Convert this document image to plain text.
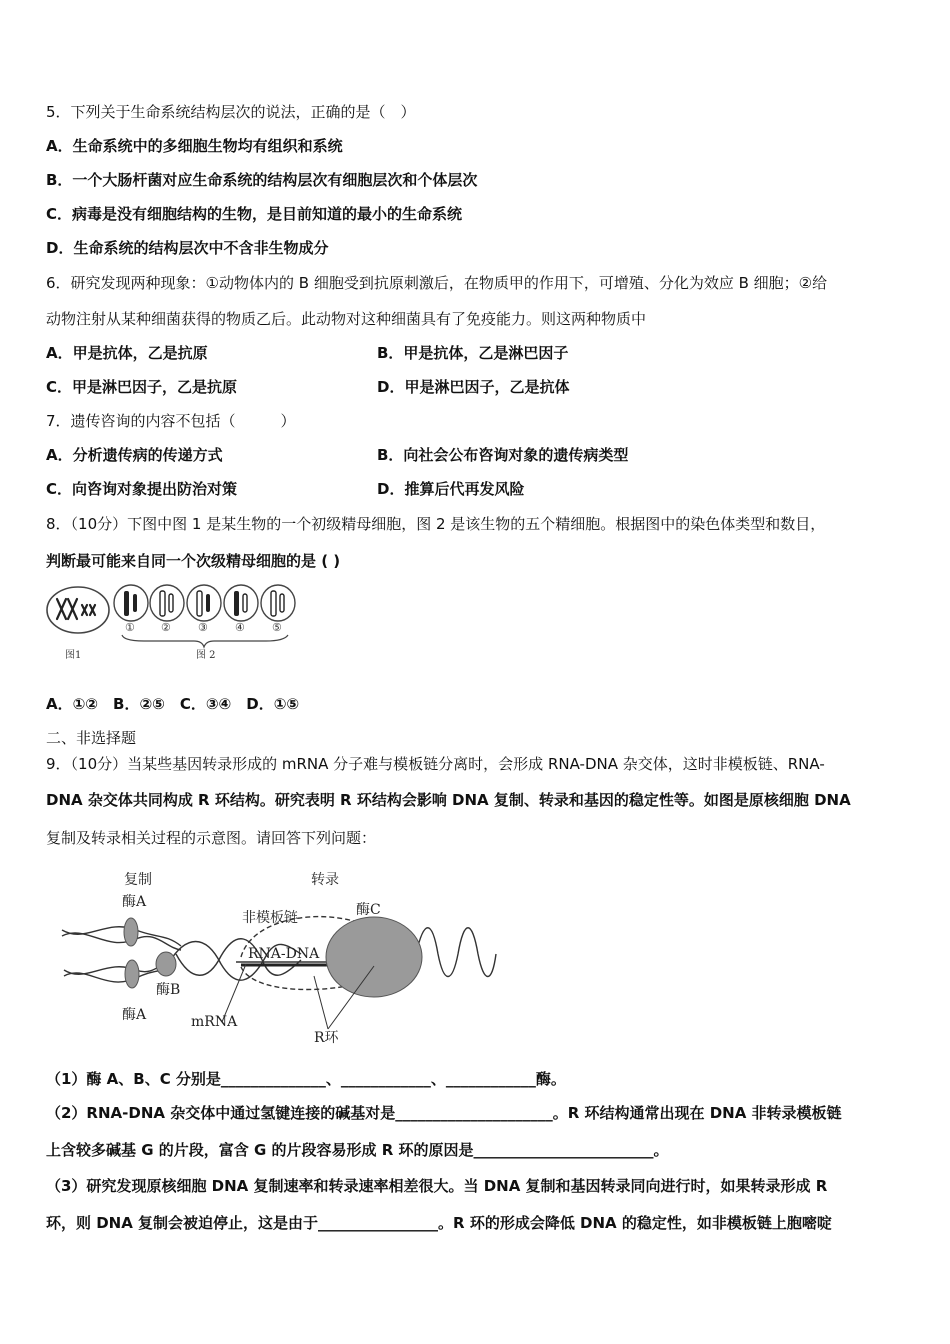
5．下列关于生命系统结构层次的说法，正确的是（　）
A．生命系统中的多细胞生物均有组织和系统
B．一个大肠杆菌对应生命系统的结构层次有细胞层次和个体层次
C．病毒是没有细胞结构的生物，是目前知道的最小的生命系统
D．生命系统的结构层次中不含非生物成分
6．研究发现两种现象：①动物体内的 B 细胞受到抗原刺激后，在物质甲的作用下，可增殖、分化为效应 B 细胞；②给
动物注射从某种细菌获得的物质乙后。此动物对这种细菌具有了免疫能力。则这两种物质中
A．甲是抗体，乙是抗原	B．甲是抗体，乙是淋巴因子
C．甲是淋巴因子，乙是抗原	D．甲是淋巴因子，乙是抗体
7．遗传咨询的内容不包括（　　　）
A．分析遗传病的传递方式	B．向社会公布咨询对象的遗传病类型
C．向咨询对象提出防治对策	D．推算后代再发风险
8．（10分）下图中图 1 是某生物的一个初级精母细胞，图 2 是该生物的五个精细胞。根据图中的染色体类型和数目，
判断最可能来自同一个次级精母细胞的是 ( )
图1
① ② ③ ④ ⑤
图 2
A．①②　B．②⑤　C．③④　D．①⑤
二、非选择题
9．（10分）当某些基因转录形成的 mRNA 分子难与模板链分离时，会形成 RNA-DNA 杂交体，这时非模板链、RNA-
DNA 杂交体共同构成 R 环结构。研究表明 R 环结构会影响 DNA 复制、转录和基因的稳定性等。如图是原核细胞 DNA
复制及转录相关过程的示意图。请回答下列问题：
复制	转录
酶A
酶A
酶B
酶C
非模板链
RNA-DNA
mRNA
R环
（1）酶 A、B、C 分别是______________、____________、____________酶。
（2）RNA-DNA 杂交体中通过氢键连接的碱基对是_____________________。R 环结构通常出现在 DNA 非转录模板链
上含较多碱基 G 的片段，富含 G 的片段容易形成 R 环的原因是________________________。
（3）研究发现原核细胞 DNA 复制速率和转录速率相差很大。当 DNA 复制和基因转录同向进行时，如果转录形成 R
环，则 DNA 复制会被迫停止，这是由于________________。R 环的形成会降低 DNA 的稳定性，如非模板链上胞嘧啶
